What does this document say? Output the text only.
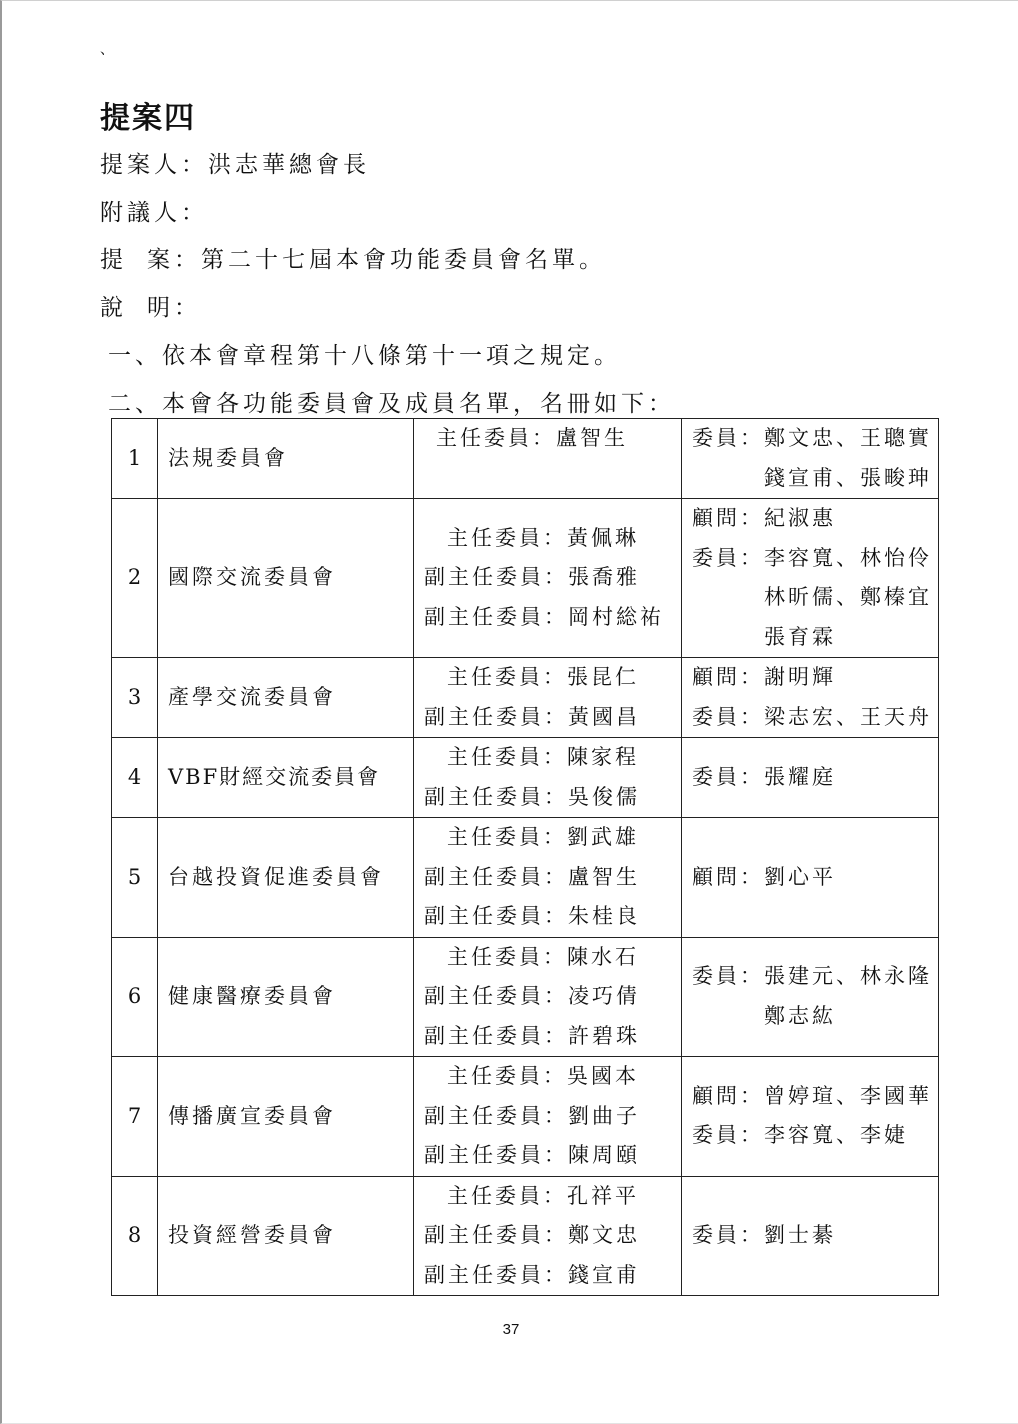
、
提案四
提案人：洪志華總會長
附議人：
提案：第二十七屆本會功能委員會名單。
說明：
一、依本會章程第十八條第十一項之規定。
二、本會各功能委員會及成員名單，名冊如下：
1	法規委員會	主任委員：盧智生	委員：鄭文忠、王聰實
錢宣甫、張畯珅

2	國際交流委員會	主任委員：黃佩琳
副主任委員：張喬雅
副主任委員：岡村総祐	顧問：紀淑惠
委員：李容寬、林怡伶
林昕儒、鄭榛宜
張育霖

3	產學交流委員會	主任委員：張昆仁
副主任委員：黃國昌	顧問：謝明輝
委員：梁志宏、王天舟

4	VBF財經交流委員會	主任委員：陳家程
副主任委員：吳俊儒	委員：張耀庭

5	台越投資促進委員會	主任委員：劉武雄
副主任委員：盧智生
副主任委員：朱桂良	顧問：劉心平

6	健康醫療委員會	主任委員：陳水石
副主任委員：凌巧倩
副主任委員：許碧珠	委員：張建元、林永隆
鄭志紘

7	傳播廣宣委員會	主任委員：吳國本
副主任委員：劉曲子
副主任委員：陳周頤	顧問：曾婷瑄、李國華
委員：李容寬、李婕

8	投資經營委員會	主任委員：孔祥平
副主任委員：鄭文忠
副主任委員：錢宣甫	委員：劉士綦
37
